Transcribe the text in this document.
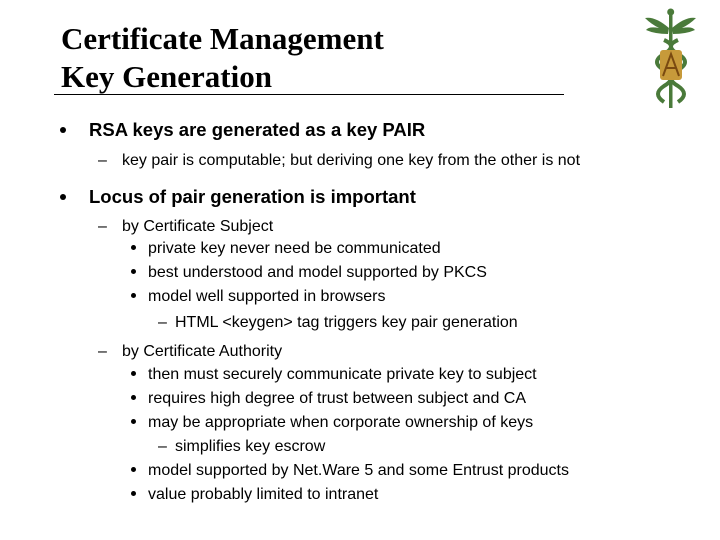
Certificate Management
Key Generation
RSA keys are generated as a key PAIR
– key pair is computable; but deriving one key from the other is not
Locus of pair generation is important
– by Certificate Subject
private key never need be communicated
best understood and model supported by PKCS
model well supported in browsers
– HTML <keygen> tag triggers key pair generation
– by Certificate Authority
then must securely communicate private key to subject
requires high degree of trust between subject and CA
may be appropriate when corporate ownership of keys
– simplifies key escrow
model supported by Net.Ware 5 and some Entrust products
value probably limited to intranet
